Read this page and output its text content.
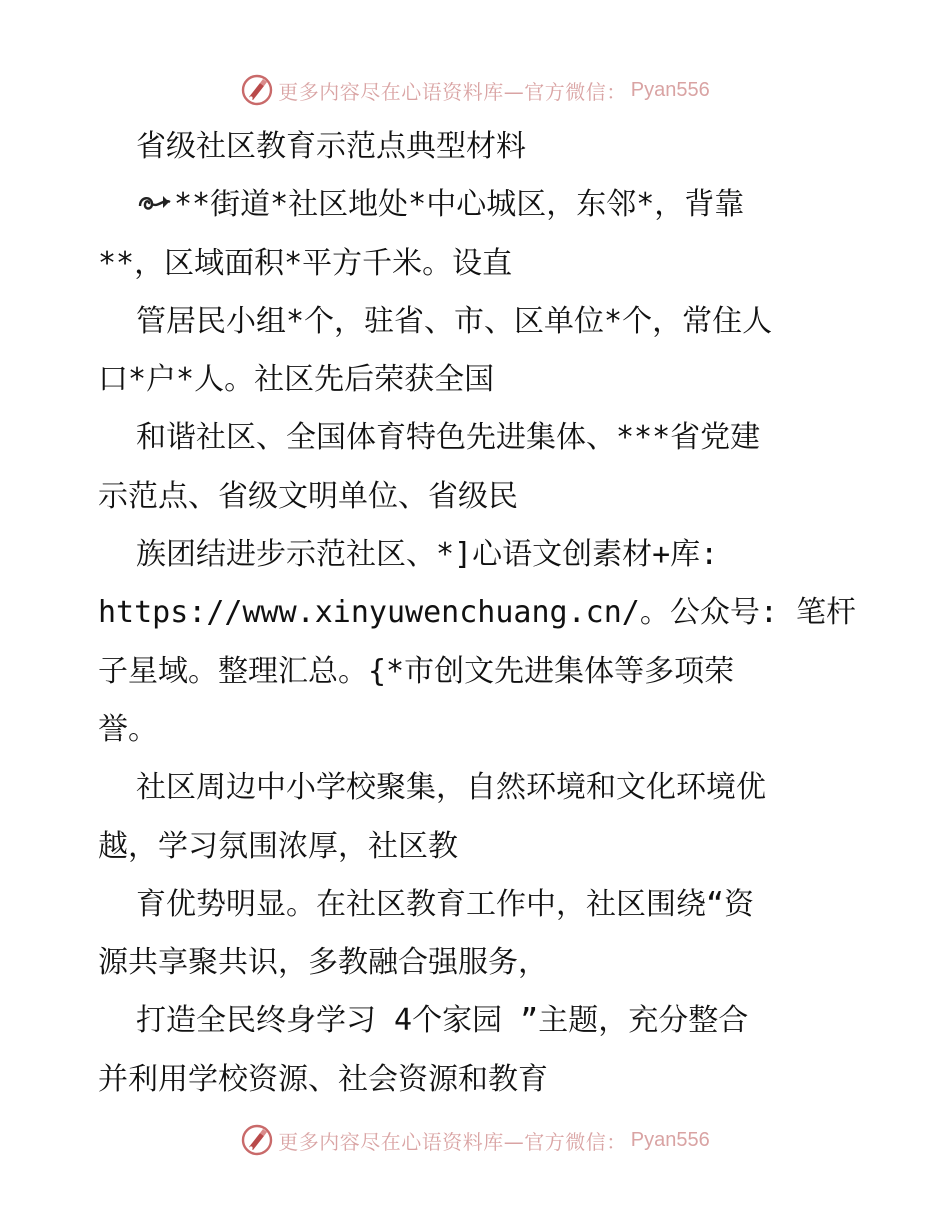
更多内容尽在心语资料库—官方微信： Pyan556
省级社区教育示范点典型材料
**街道*社区地处*中心城区，东邻*，背靠
**，区域面积*平方千米。设直
管居民小组*个，驻省、市、区单位*个，常住人
口*户*人。社区先后荣获全国
和谐社区、全国体育特色先进集体、***省党建
示范点、省级文明单位、省级民
族团结进步示范社区、*]心语文创素材+库:
https://www.xinyuwenchuang.cn/。公众号: 笔杆
子星域。整理汇总。{*市创文先进集体等多项荣
誉。
社区周边中小学校聚集，自然环境和文化环境优
越，学习氛围浓厚，社区教
育优势明显。在社区教育工作中，社区围绕“资
源共享聚共识，多教融合强服务，
打造全民终身学习 4个家园 ”主题，充分整合
并利用学校资源、社会资源和教育
更多内容尽在心语资料库—官方微信： Pyan556
